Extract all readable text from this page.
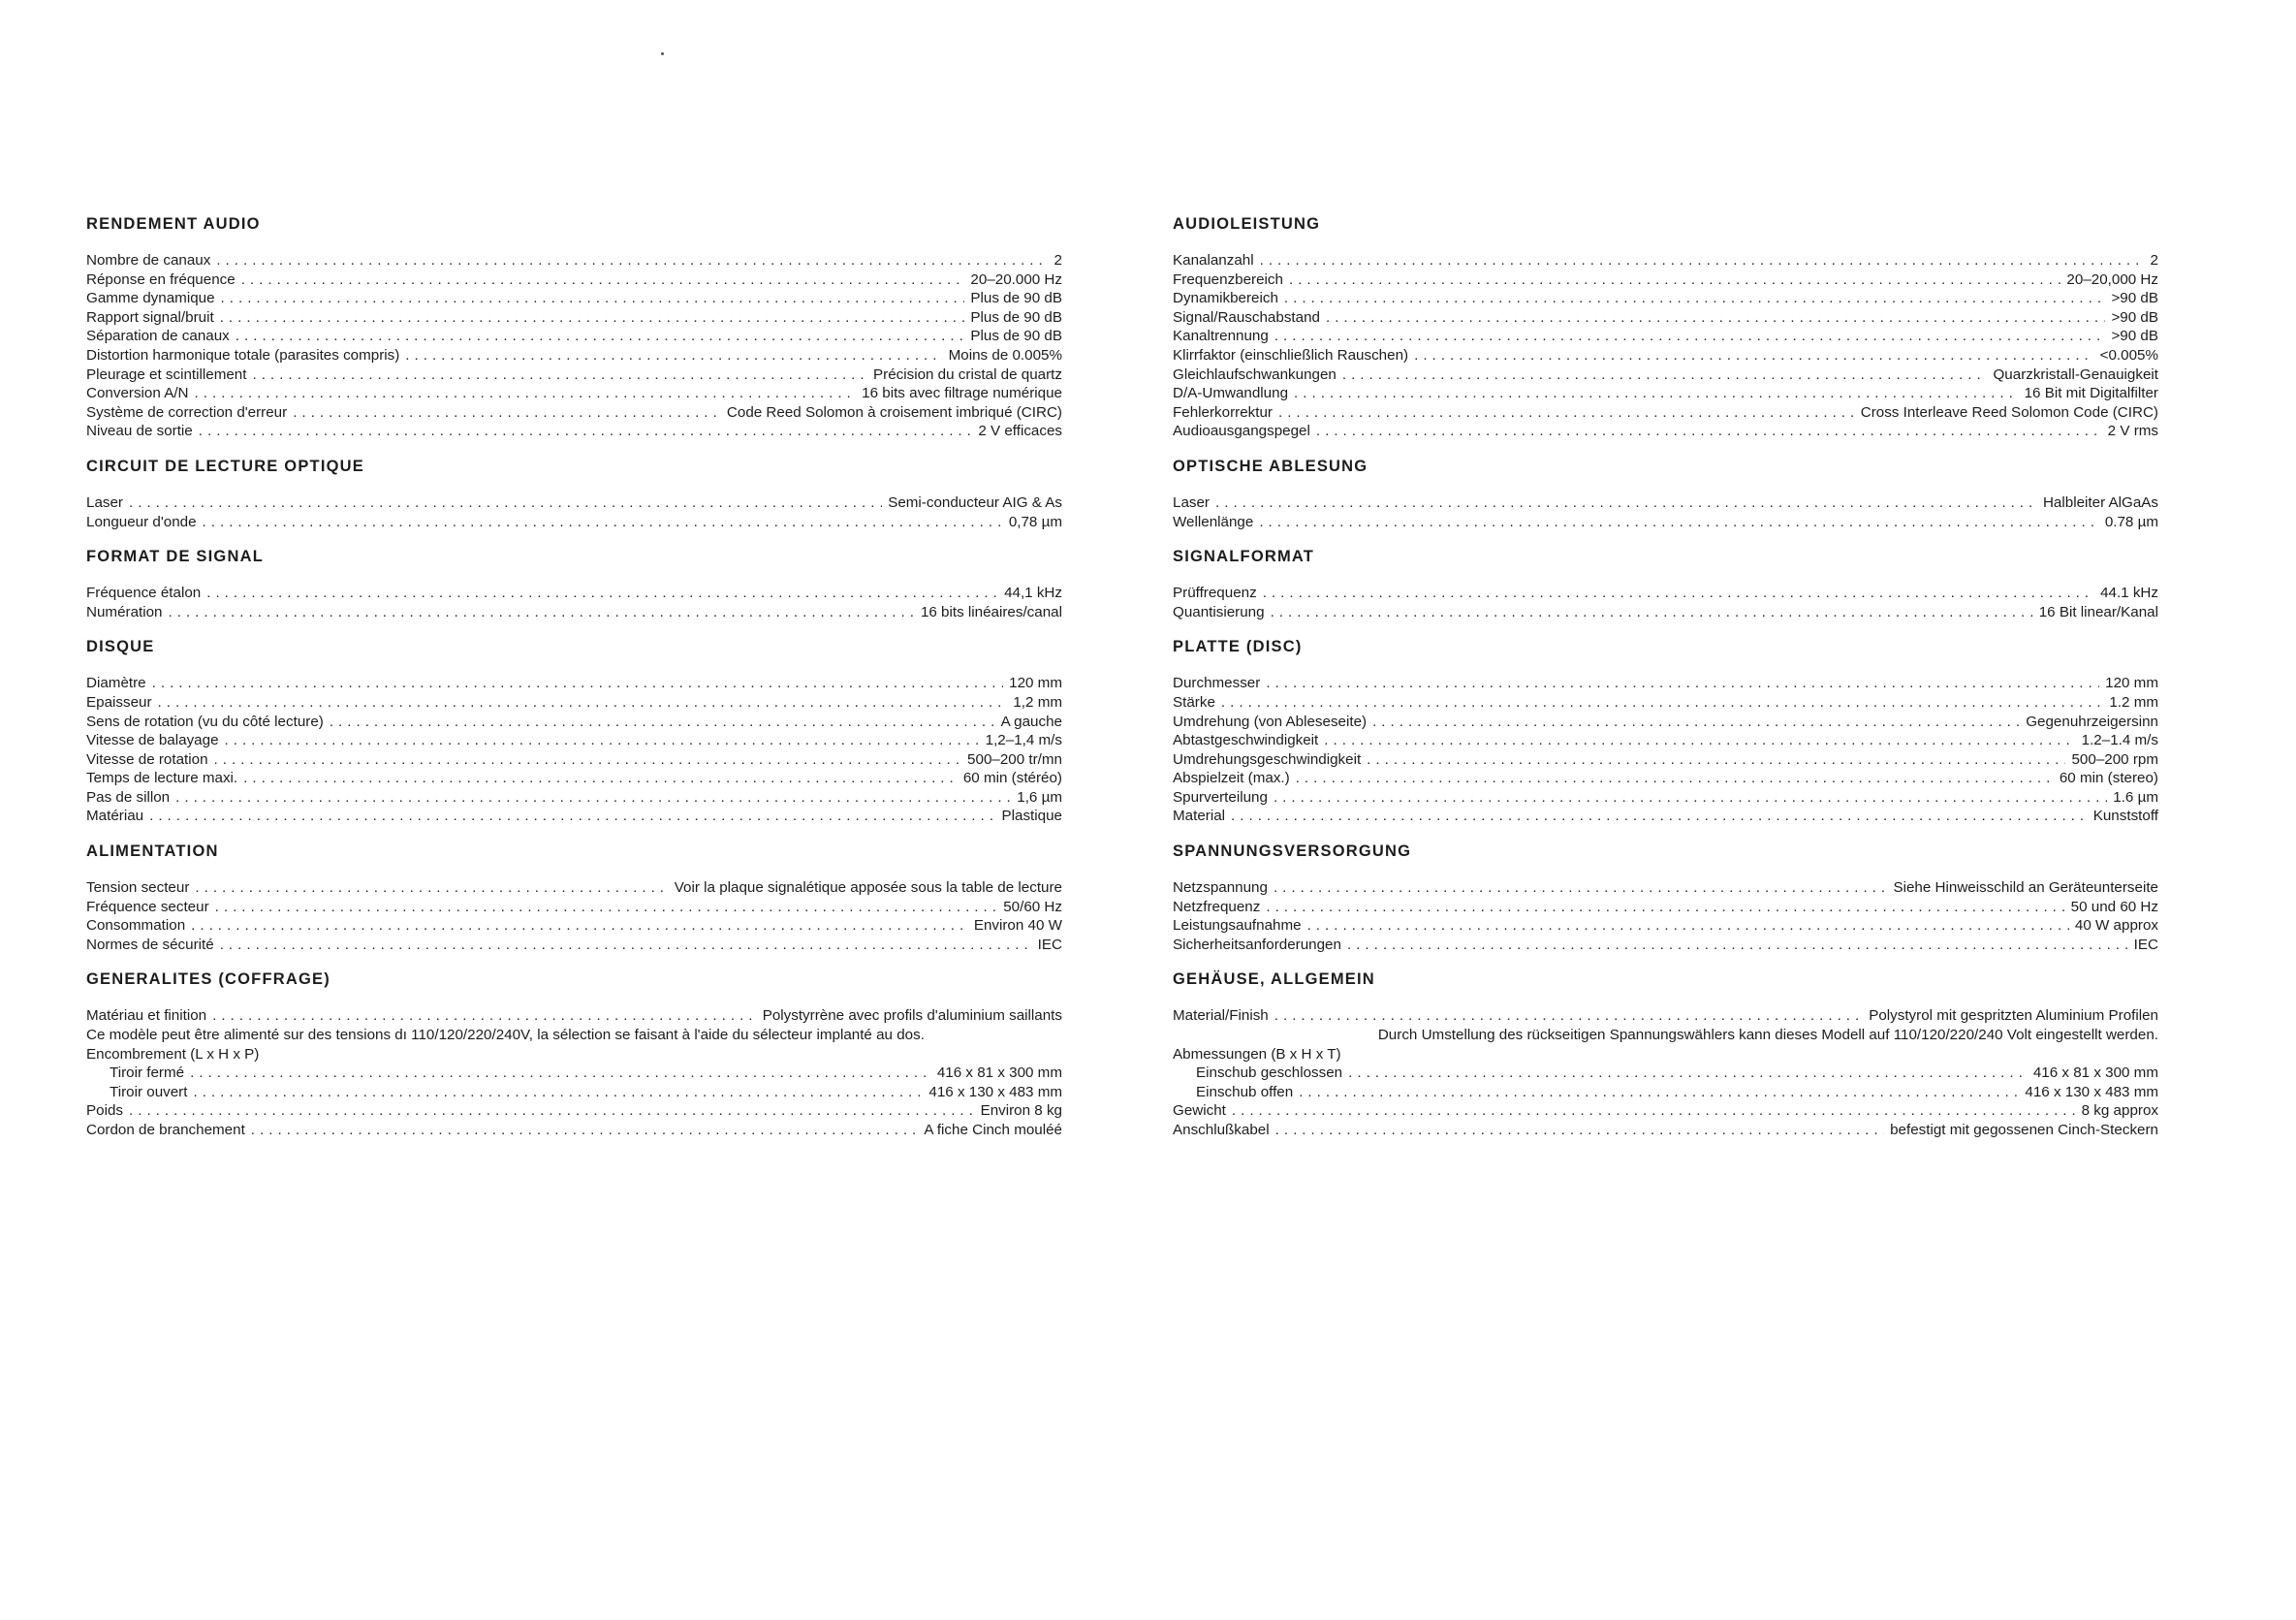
RENDEMENT AUDIO
Nombre de canaux .....	2
Réponse en fréquence .....	20–20.000 Hz
Gamme dynamique .....	Plus de 90 dB
Rapport signal/bruit .....	Plus de 90 dB
Séparation de canaux .....	Plus de 90 dB
Distortion harmonique totale (parasites compris) .....	Moins de 0.005%
Pleurage et scintillement .....	Précision du cristal de quartz
Conversion A/N .....	16 bits avec filtrage numérique
Système de correction d'erreur .....	Code Reed Solomon à croisement imbriqué (CIRC)
Niveau de sortie .....	2 V efficaces
CIRCUIT DE LECTURE OPTIQUE
Laser .....	Semi-conducteur AIG & As
Longueur d'onde .....	0,78 µm
FORMAT DE SIGNAL
Fréquence étalon .....	44,1 kHz
Numération .....	16 bits linéaires/canal
DISQUE
Diamètre .....	120 mm
Epaisseur .....	1,2 mm
Sens de rotation (vu du côté lecture) .....	A gauche
Vitesse de balayage .....	1,2–1,4 m/s
Vitesse de rotation .....	500–200 tr/mn
Temps de lecture maxi. .....	60 min (stéréo)
Pas de sillon .....	1,6 µm
Matériau .....	Plastique
ALIMENTATION
Tension secteur .....	Voir la plaque signalétique apposée sous la table de lecture
Fréquence secteur .....	50/60 Hz
Consommation .....	Environ 40 W
Normes de sécurité .....	IEC
GENERALITES (COFFRAGE)
Matériau et finition .....	Polystyrrène avec profils d'aluminium saillants
Ce modèle peut être alimenté sur des tensions dı 110/120/220/240V, la sélection se faisant à l'aide du sélecteur implanté au dos.
Encombrement (L x H x P)
Tiroir fermé .....	416 x 81 x 300 mm
Tiroir ouvert .....	416 x 130 x 483 mm
Poids .....	Environ 8 kg
Cordon de branchement .....	A fiche Cinch mouléé
AUDIOLEISTUNG
Kanalanzahl .....	2
Frequenzbereich .....	20–20,000 Hz
Dynamikbereich .....	>90 dB
Signal/Rauschabstand .....	>90 dB
Kanaltrennung .....	>90 dB
Klirrfaktor (einschließlich Rauschen) .....	<0.005%
Gleichlaufschwankungen .....	Quarzkristall-Genauigkeit
D/A-Umwandlung .....	16 Bit mit Digitalfilter
Fehlerkorrektur .....	Cross Interleave Reed Solomon Code (CIRC)
Audioausgangspegel .....	2 V rms
OPTISCHE ABLESUNG
Laser .....	Halbleiter AlGaAs
Wellenlänge .....	0.78 µm
SIGNALFORMAT
Prüffrequenz .....	44.1 kHz
Quantisierung .....	16 Bit linear/Kanal
PLATTE (DISC)
Durchmesser .....	120 mm
Stärke .....	1.2 mm
Umdrehung (von Ableseseite) .....	Gegenuhrzeigersinn
Abtastgeschwindigkeit .....	1.2–1.4 m/s
Umdrehungsgeschwindigkeit .....	500–200 rpm
Abspielzeit (max.) .....	60 min (stereo)
Spurverteilung .....	1.6 µm
Material .....	Kunststoff
SPANNUNGSVERSORGUNG
Netzspannung .....	Siehe Hinweisschild an Geräteunterseite
Netzfrequenz .....	50 und 60 Hz
Leistungsaufnahme .....	40 W approx
Sicherheitsanforderungen .....	IEC
GEHÄUSE, ALLGEMEIN
Material/Finish .....	Polystyrol mit gespritzten Aluminium Profilen
Durch Umstellung des rückseitigen Spannungswählers kann dieses Modell auf 110/120/220/240 Volt eingestellt werden.
Abmessungen (B x H x T)
Einschub geschlossen .....	416 x 81 x 300 mm
Einschub offen .....	416 x 130 x 483 mm
Gewicht .....	8 kg approx
Anschlußkabel .....	befestigt mit gegossenen Cinch-Steckern
